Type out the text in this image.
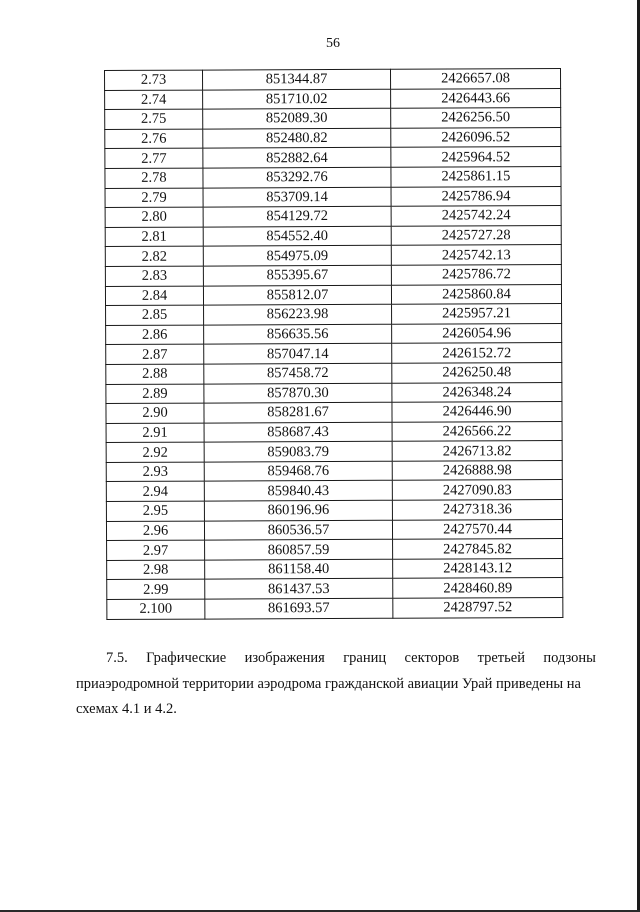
56
2.73	851344.87	2426657.08
2.74	851710.02	2426443.66
2.75	852089.30	2426256.50
2.76	852480.82	2426096.52
2.77	852882.64	2425964.52
2.78	853292.76	2425861.15
2.79	853709.14	2425786.94
2.80	854129.72	2425742.24
2.81	854552.40	2425727.28
2.82	854975.09	2425742.13
2.83	855395.67	2425786.72
2.84	855812.07	2425860.84
2.85	856223.98	2425957.21
2.86	856635.56	2426054.96
2.87	857047.14	2426152.72
2.88	857458.72	2426250.48
2.89	857870.30	2426348.24
2.90	858281.67	2426446.90
2.91	858687.43	2426566.22
2.92	859083.79	2426713.82
2.93	859468.76	2426888.98
2.94	859840.43	2427090.83
2.95	860196.96	2427318.36
2.96	860536.57	2427570.44
2.97	860857.59	2427845.82
2.98	861158.40	2428143.12
2.99	861437.53	2428460.89
2.100	861693.57	2428797.52
7.5. Графические изображения границ секторов третьей подзоны
приаэродромной территории аэродрома гражданской авиации Урай приведены на
схемах 4.1 и 4.2.
